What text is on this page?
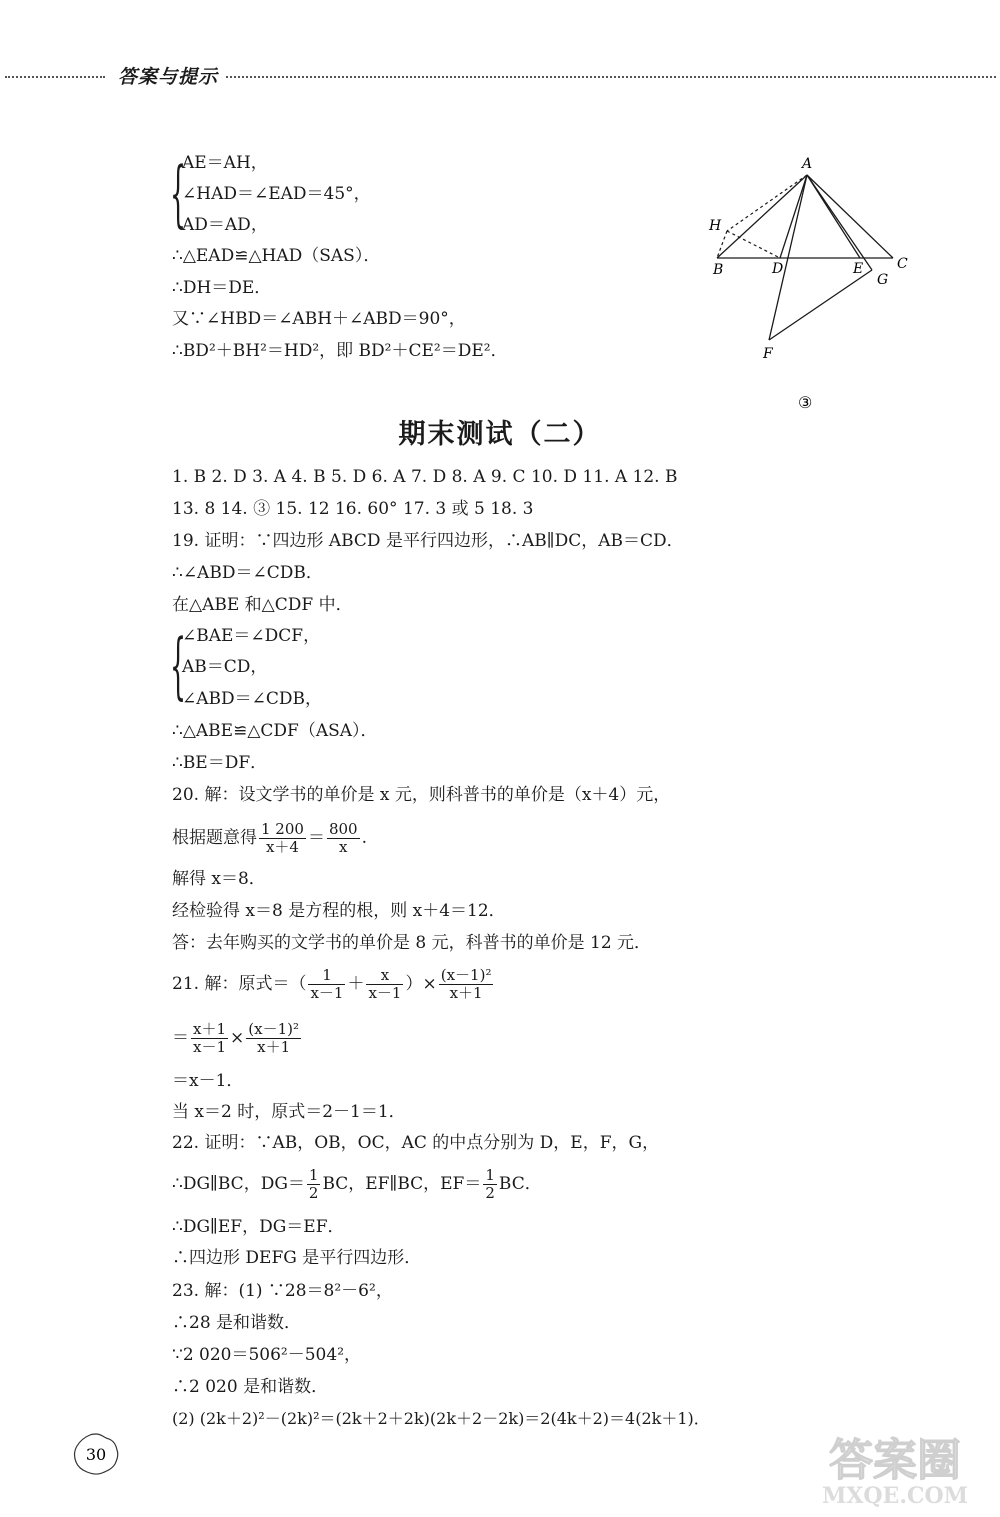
答案与提示
{
AE＝AH，
∠HAD＝∠EAD＝45°，
AD＝AD，
∴△EAD≌△HAD（SAS）．
∴DH＝DE．
又∵∠HBD＝∠ABH＋∠ABD＝90°，
∴BD²＋BH²＝HD²，即 BD²＋CE²＝DE²．
A
H
B	D	E C
G
F
③
期末测试（二）
1. B 2. D 3. A 4. B 5. D 6. A 7. D 8. A 9. C 10. D 11. A 12. B
13. 8 14. ③ 15. 12 16. 60° 17. 3 或 5 18. 3
19. 证明：∵四边形 ABCD 是平行四边形，∴AB∥DC，AB＝CD．
∴∠ABD＝∠CDB．
在△ABE 和△CDF 中．
{
∠BAE＝∠DCF，
AB＝CD，
∠ABD＝∠CDB，
∴△ABE≌△CDF（ASA）．
∴BE＝DF．
20. 解：设文学书的单价是 x 元，则科普书的单价是（x＋4）元，
根据题意得 $\frac{1 200}{x+4} = \frac{800}{x}$ .
解得 x＝8．
经检验得 x＝8 是方程的根，则 x＋4＝12．
答：去年购买的文学书的单价是 8 元，科普书的单价是 12 元．
21. 解：原式＝（ $\frac{1}{x-1} + \frac{x}{x-1}$ ）× $\frac{\text{(x－1)²}}{x+1}$
＝ $\frac{x+1}{x-1} \times \frac{\text{(x－1)²}}{x+1}$
＝x－1．
当 x＝2 时，原式＝2－1＝1．
22. 证明：∵AB，OB，OC，AC 的中点分别为 D，E，F，G，
∴DG∥BC，$DG= \frac{1}{2}$ BC，EF∥BC，$EF= \frac{1}{2}$ BC．
∴DG∥EF，DG＝EF．
∴四边形 DEFG 是平行四边形．
23. 解：(1) ∵28＝8²－6²，
∴28 是和谐数．
∵2 020＝506²－504²，
∴2 020 是和谐数．
(2) (2k＋2)²－(2k)²＝(2k＋2＋2k)(2k＋2－2k)＝2(4k＋2)＝4(2k＋1)．
30	答案圈
MXQE.COM
